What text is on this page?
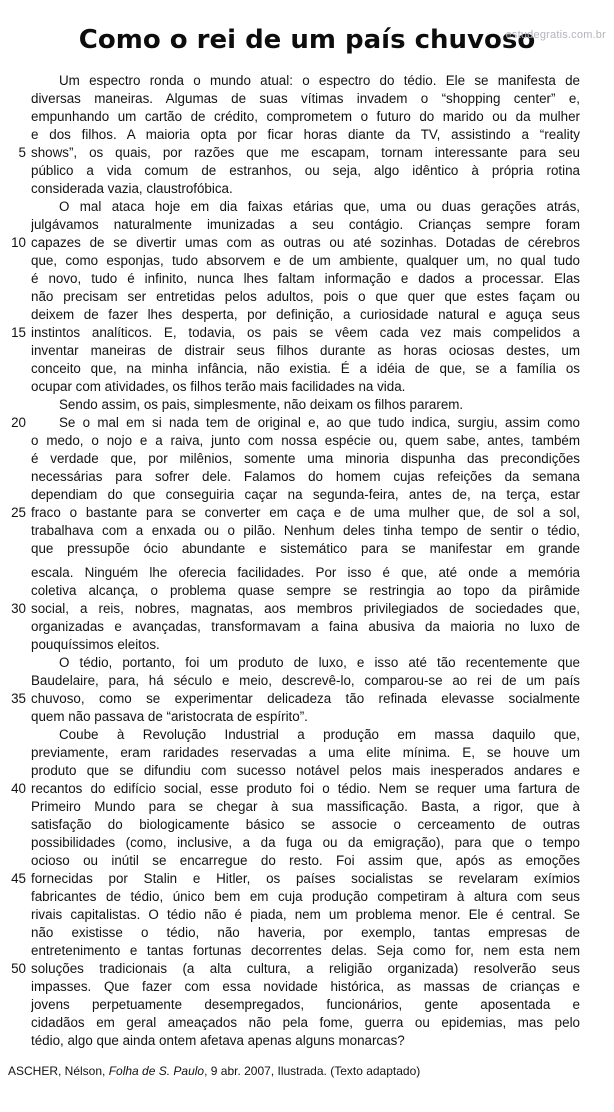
estudegratis.com.br
Como o rei de um país chuvoso
Um espectro ronda o mundo atual: o espectro do tédio. Ele se manifesta de
diversas maneiras. Algumas de suas vítimas invadem o “shopping center” e,
empunhando um cartão de crédito, comprometem o futuro do marido ou da mulher
e dos filhos. A maioria opta por ficar horas diante da TV, assistindo a “reality
5 shows”, os quais, por razões que me escapam, tornam interessante para seu
público a vida comum de estranhos, ou seja, algo idêntico à própria rotina
considerada vazia, claustrofóbica.
O mal ataca hoje em dia faixas etárias que, uma ou duas gerações atrás,
julgávamos naturalmente imunizadas a seu contágio. Crianças sempre foram
10 capazes de se divertir umas com as outras ou até sozinhas. Dotadas de cérebros
que, como esponjas, tudo absorvem e de um ambiente, qualquer um, no qual tudo
é novo, tudo é infinito, nunca lhes faltam informação e dados a processar. Elas
não precisam ser entretidas pelos adultos, pois o que quer que estes façam ou
deixem de fazer lhes desperta, por definição, a curiosidade natural e aguça seus
15 instintos analíticos. E, todavia, os pais se vêem cada vez mais compelidos a
inventar maneiras de distrair seus filhos durante as horas ociosas destes, um
conceito que, na minha infância, não existia. É a idéia de que, se a família os
ocupar com atividades, os filhos terão mais facilidades na vida.
Sendo assim, os pais, simplesmente, não deixam os filhos pararem.
20	Se o mal em si nada tem de original e, ao que tudo indica, surgiu, assim como
o medo, o nojo e a raiva, junto com nossa espécie ou, quem sabe, antes, também
é verdade que, por milênios, somente uma minoria dispunha das precondições
necessárias para sofrer dele. Falamos do homem cujas refeições da semana
dependiam do que conseguiria caçar na segunda-feira, antes de, na terça, estar
25 fraco o bastante para se converter em caça e de uma mulher que, de sol a sol,
trabalhava com a enxada ou o pilão. Nenhum deles tinha tempo de sentir o tédio,
que pressupõe ócio abundante e sistemático para se manifestar em grande
escala. Ninguém lhe oferecia facilidades. Por isso é que, até onde a memória
coletiva alcança, o problema quase sempre se restringia ao topo da pirâmide
30 social, a reis, nobres, magnatas, aos membros privilegiados de sociedades que,
organizadas e avançadas, transformavam a faina abusiva da maioria no luxo de
pouquíssimos eleitos.
O tédio, portanto, foi um produto de luxo, e isso até tão recentemente que
Baudelaire, para, há século e meio, descrevê-lo, comparou-se ao rei de um país
35 chuvoso, como se experimentar delicadeza tão refinada elevasse socialmente
quem não passava de “aristocrata de espírito”.
Coube à Revolução Industrial a produção em massa daquilo que,
previamente, eram raridades reservadas a uma elite mínima. E, se houve um
produto que se difundiu com sucesso notável pelos mais inesperados andares e
40 recantos do edifício social, esse produto foi o tédio. Nem se requer uma fartura de
Primeiro Mundo para se chegar à sua massificação. Basta, a rigor, que à
satisfação do biologicamente básico se associe o cerceamento de outras
possibilidades (como, inclusive, a da fuga ou da emigração), para que o tempo
ocioso ou inútil se encarregue do resto. Foi assim que, após as emoções
45 fornecidas por Stalin e Hitler, os países socialistas se revelaram exímios
fabricantes de tédio, único bem em cuja produção competiram à altura com seus
rivais capitalistas. O tédio não é piada, nem um problema menor. Ele é central. Se
não existisse o tédio, não haveria, por exemplo, tantas empresas de
entretenimento e tantas fortunas decorrentes delas. Seja como for, nem esta nem
50 soluções tradicionais (a alta cultura, a religião organizada) resolverão seus
impasses. Que fazer com essa novidade histórica, as massas de crianças e
jovens perpetuamente desempregados, funcionários, gente aposentada e
cidadãos em geral ameaçados não pela fome, guerra ou epidemias, mas pelo
tédio, algo que ainda ontem afetava apenas alguns monarcas?
ASCHER, Nélson, Folha de S. Paulo, 9 abr. 2007, Ilustrada. (Texto adaptado)
